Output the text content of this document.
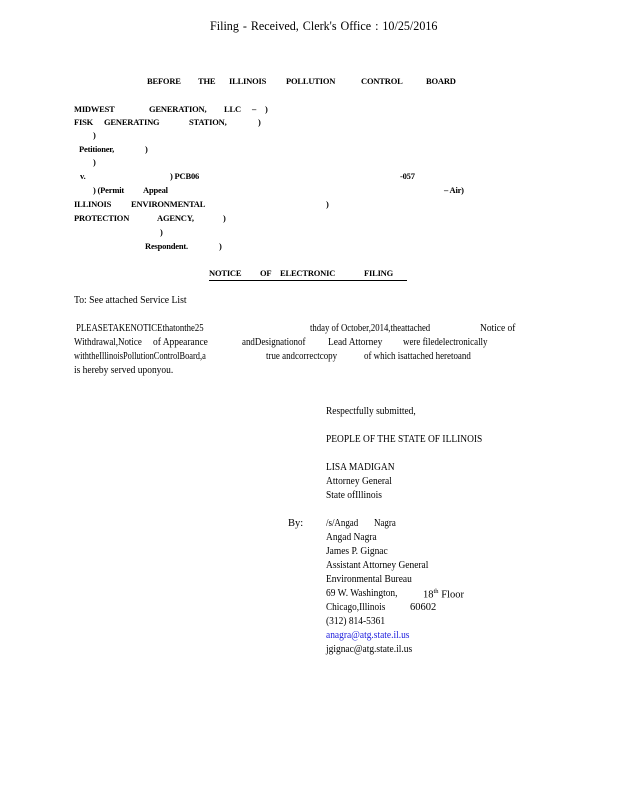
Filing - Received, Clerk's Office : 10/25/2016
BEFORE THE ILLINOIS POLLUTION	CONTROL	BOARD
MIDWEST	GENERATION, LLC – )
FISK GENERATING	STATION,	)
)
Petitioner,	)
)
v.	) PCB06	-057
) (Permit Appeal	– Air)
ILLINOIS ENVIRONMENTAL	)
PROTECTION	AGENCY,	)
)
Respondent.	)
NOTICE OF ELECTRONIC	FILING
To: See attached Service List
PLEASETAKENOTICEthatonthe25	thday of October,2014,theattached	Notice of
Withdrawal,Notice	of Appearance	andDesignationof	Lead Attorney	were filedelectronically
withtheIllinoisPollutionControlBoard,a	true andcorrectcopy	of which isattached heretoand
is hereby served uponyou.
Respectfully submitted,
PEOPLE OF THE STATE OF ILLINOIS
LISA MADIGAN
Attorney General
State ofIllinois
By: /s/Angad	Nagra
Angad Nagra
James P. Gignac
Assistant Attorney General
Environmental Bureau
69 W. Washington,	18th Floor
Chicago,Illinois	60602
(312) 814-5361
anagra@atg.state.il.us
jgignac@atg.state.il.us
